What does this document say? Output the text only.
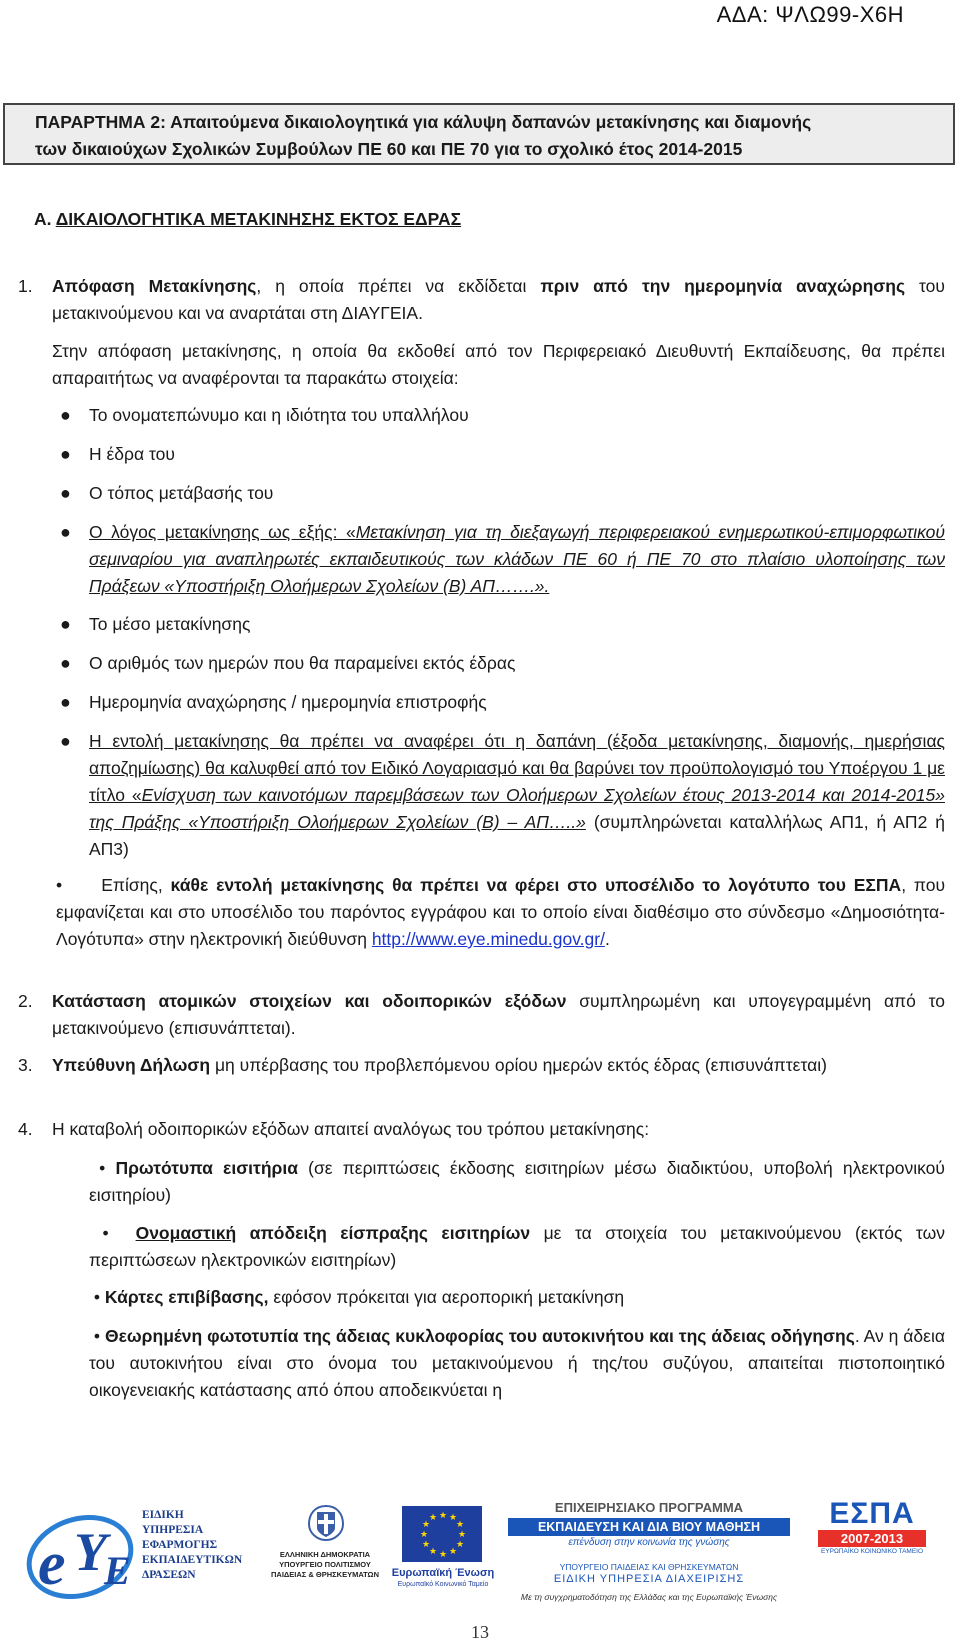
ΑΔΑ: ΨΛΩ99-Χ6Η
ΠΑΡΑΡΤΗΜΑ 2: Απαιτούμενα δικαιολογητικά για κάλυψη δαπανών μετακίνησης και διαμονής
των δικαιούχων Σχολικών Συμβούλων ΠΕ 60 και ΠΕ 70 για το σχολικό έτος 2014-2015
Α. ΔΙΚΑΙΟΛΟΓΗΤΙΚΑ ΜΕΤΑΚΙΝΗΣΗΣ ΕΚΤΟΣ ΕΔΡΑΣ
1. Απόφαση Μετακίνησης, η οποία πρέπει να εκδίδεται πριν από την ημερομηνία αναχώρησης του μετακινούμενου και να αναρτάται στη ΔΙΑΥΓΕΙΑ.
Στην απόφαση μετακίνησης, η οποία θα εκδοθεί από τον Περιφερειακό Διευθυντή Εκπαίδευσης, θα πρέπει απαραιτήτως να αναφέρονται τα παρακάτω στοιχεία:
● Το ονοματεπώνυμο και η ιδιότητα του υπαλλήλου
● Η έδρα του
● Ο τόπος μετάβασής του
● Ο λόγος μετακίνησης ως εξής: «Μετακίνηση για τη διεξαγωγή περιφερειακού ενημερωτικού-επιμορφωτικού σεμιναρίου για αναπληρωτές εκπαιδευτικούς των κλάδων ΠΕ 60 ή ΠΕ 70 στο πλαίσιο υλοποίησης των Πράξεων «Υποστήριξη Ολοήμερων Σχολείων (Β) ΑΠ…….».
● Το μέσο μετακίνησης
● Ο αριθμός των ημερών που θα παραμείνει εκτός έδρας
● Ημερομηνία αναχώρησης / ημερομηνία επιστροφής
● Η εντολή μετακίνησης θα πρέπει να αναφέρει ότι η δαπάνη (έξοδα μετακίνησης, διαμονής, ημερήσιας αποζημίωσης) θα καλυφθεί από τον Ειδικό Λογαριασμό και θα βαρύνει τον προϋπολογισμό του Υποέργου 1 με τίτλο «Ενίσχυση των καινοτόμων παρεμβάσεων των Ολοήμερων Σχολείων έτους 2013-2014 και 2014-2015» της Πράξης «Υποστήριξη Ολοήμερων Σχολείων (Β) – ΑΠ…..» (συμπληρώνεται καταλλήλως ΑΠ1, ή ΑΠ2 ή ΑΠ3)
• Επίσης, κάθε εντολή μετακίνησης θα πρέπει να φέρει στο υποσέλιδο το λογότυπο του ΕΣΠΑ, που εμφανίζεται και στο υποσέλιδο του παρόντος εγγράφου και το οποίο είναι διαθέσιμο στο σύνδεσμο «Δημοσιότητα-Λογότυπα» στην ηλεκτρονική διεύθυνση http://www.eye.minedu.gov.gr/.
2. Κατάσταση ατομικών στοιχείων και οδοιπορικών εξόδων συμπληρωμένη και υπογεγραμμένη από το μετακινούμενο (επισυνάπτεται).
3. Υπεύθυνη Δήλωση μη υπέρβασης του προβλεπόμενου ορίου ημερών εκτός έδρας (επισυνάπτεται)
4. Η καταβολή οδοιπορικών εξόδων απαιτεί αναλόγως του τρόπου μετακίνησης:
• Πρωτότυπα εισιτήρια (σε περιπτώσεις έκδοσης εισιτηρίων μέσω διαδικτύου, υποβολή ηλεκτρονικού εισιτηρίου)
• Ονομαστική απόδειξη είσπραξης εισιτηρίων με τα στοιχεία του μετακινούμενου (εκτός των περιπτώσεων ηλεκτρονικών εισιτηρίων)
• Κάρτες επιβίβασης, εφόσον πρόκειται για αεροπορική μετακίνηση
• Θεωρημένη φωτοτυπία της άδειας κυκλοφορίας του αυτοκινήτου και της άδειας οδήγησης. Αν η άδεια του αυτοκινήτου είναι στο όνομα του μετακινούμενου ή της/του συζύγου, απαιτείται πιστοποιητικό οικογενειακής κατάστασης από όπου αποδεικνύεται η
e Y
E
ΕΙΔΙΚΗ
ΥΠΗΡΕΣΙΑ
ΕΦΑΡΜΟΓΗΣ
ΕΚΠΑΙΔΕΥΤΙΚΩΝ
ΔΡΑΣΕΩΝ
ΕΛΛΗΝΙΚΗ ΔΗΜΟΚΡΑΤΙΑ
ΥΠΟΥΡΓΕΙΟ ΠΟΛΙΤΙΣΜΟΥ
ΠΑΙΔΕΙΑΣ & ΘΡΗΣΚΕΥΜΑΤΩΝ
★ ★
★
★
★
★
★
★
★
★
★
★
Ευρωπαϊκή Ένωση
Ευρωπαϊκό Κοινωνικό Ταμείο
ΕΠΙΧΕΙΡΗΣΙΑΚΟ ΠΡΟΓΡΑΜΜΑ
ΕΚΠΑΙΔΕΥΣΗ ΚΑΙ ΔΙΑ ΒΙΟΥ ΜΑΘΗΣΗ
επένδυση στην κοινωνία της γνώσης
ΥΠΟΥΡΓΕΙΟ ΠΑΙΔΕΙΑΣ ΚΑΙ ΘΡΗΣΚΕΥΜΑΤΩΝ
ΕΙΔΙΚΗ ΥΠΗΡΕΣΙΑ ΔΙΑΧΕΙΡΙΣΗΣ
ΕΣΠΑ
2007-2013
ΕΥΡΩΠΑΪΚΟ ΚΟΙΝΩΝΙΚΟ ΤΑΜΕΙΟ
Με τη συγχρηματοδότηση της Ελλάδας και της Ευρωπαϊκής Ένωσης
13
